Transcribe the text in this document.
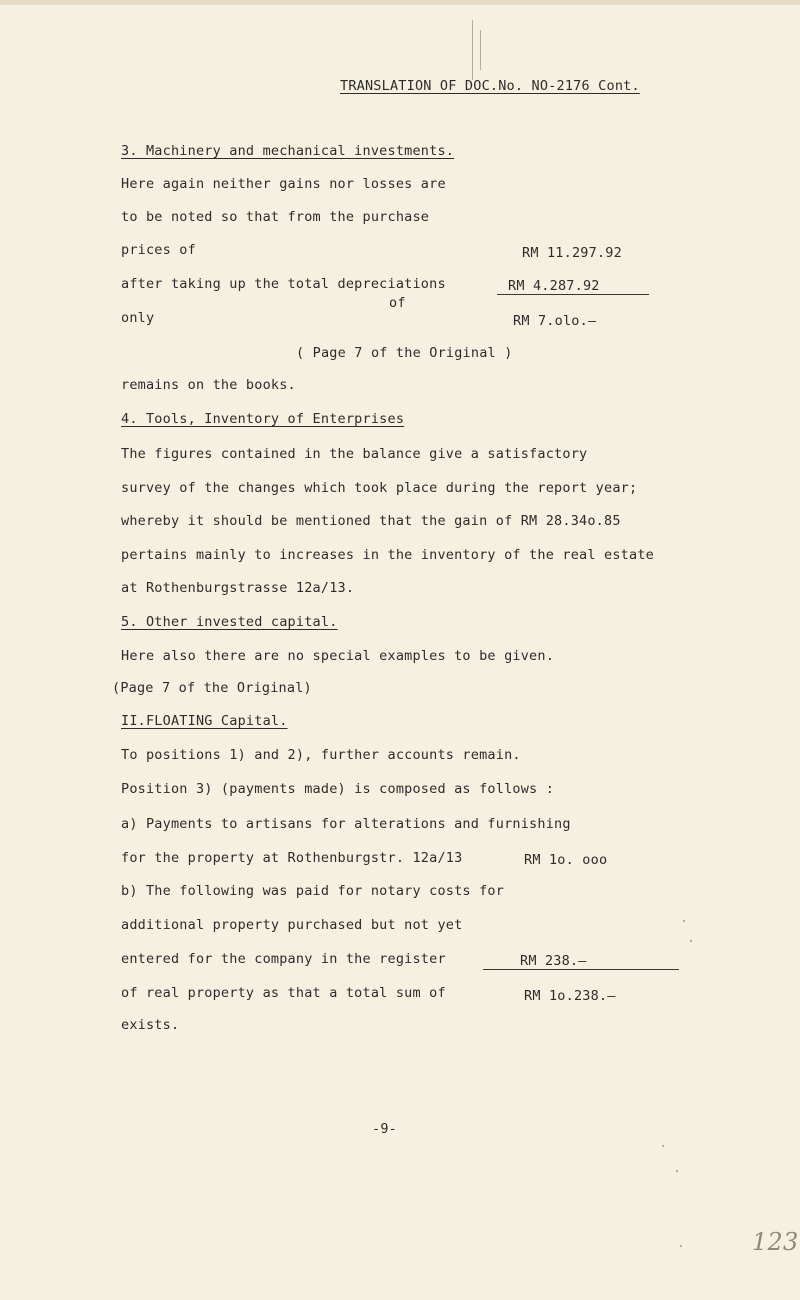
TRANSLATION OF DOC.No. NO-2176 Cont.
3. Machinery and mechanical investments.
Here again neither gains nor losses are
to be noted so that from the purchase
prices of	RM 11.297.92
after taking up the total depreciations	RM 4.287.92
of
only	RM 7.olo.—
( Page 7 of the Original )
remains on the books.
4. Tools, Inventory of Enterprises
The figures contained in the balance give a satisfactory
survey of the changes which took place during the report year;
whereby it should be mentioned that the gain of RM 28.34o.85
pertains mainly to increases in the inventory of the real estate
at Rothenburgstrasse 12a/13.
5. Other invested capital.
Here also there are no special examples to be given.
(Page 7 of the Original)
II.FLOATING Capital.
To positions 1) and 2), further accounts remain.
Position 3) (payments made) is composed as follows :
a) Payments to artisans for alterations and furnishing
for the property at Rothenburgstr. 12a/13	RM 1o. ooo
b) The following was paid for notary costs for
additional property purchased but not yet
entered for the company in the register	RM 238.—
of real property as that a total sum of	RM 1o.238.—
exists.
-9-
123
